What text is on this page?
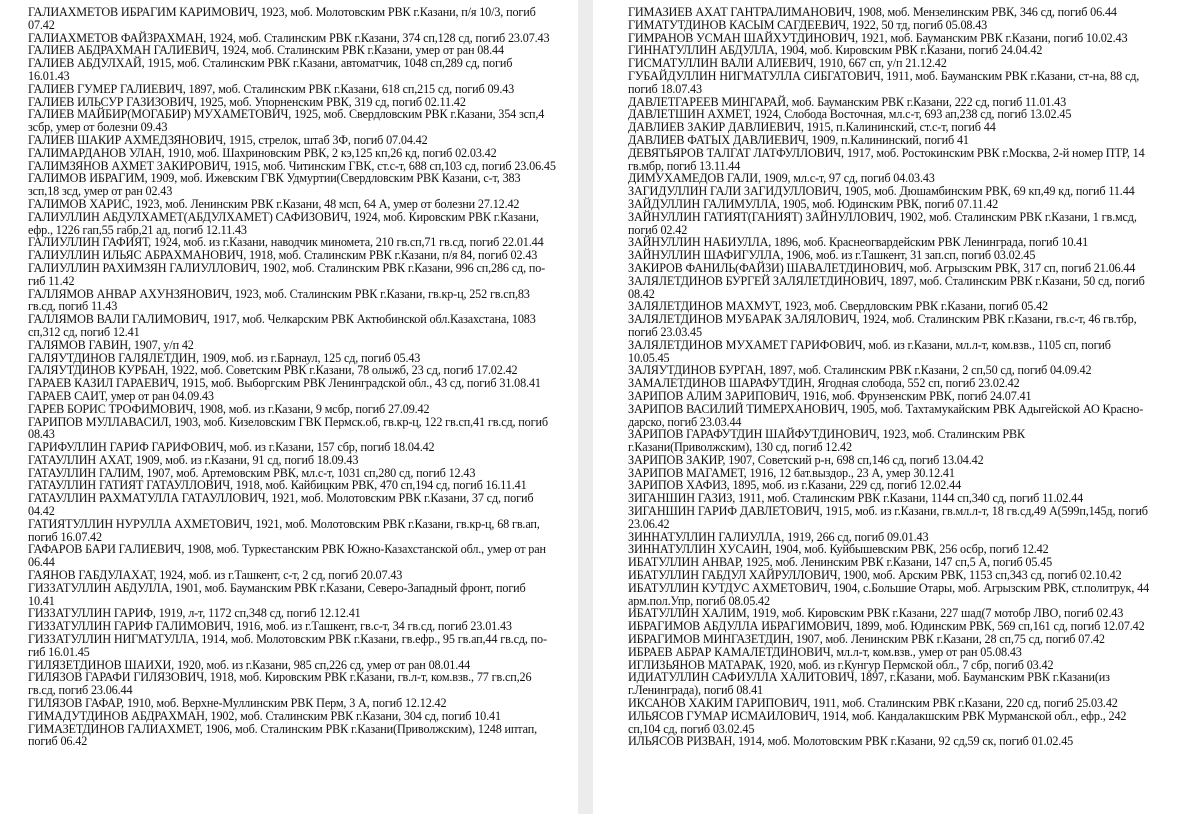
ГАЛИАХМЕТОВ ИБРАГИМ КАРИМОВИЧ, 1923, моб. Молотовским РВК г.Казани, п/я 10/3, погиб
07.42
ГАЛИАХМЕТОВ ФАЙЗРАХМАН, 1924, моб. Сталинским РВК г.Казани, 374 сп,128 сд, погиб 23.07.43
ГАЛИЕВ АБДРАХМАН ГАЛИЕВИЧ, 1924, моб. Сталинским РВК г.Казани, умер от ран 08.44
ГАЛИЕВ АБДУЛХАЙ, 1915, моб. Сталинским РВК г.Казани, автоматчик, 1048 сп,289 сд, погиб
16.01.43
ГАЛИЕВ ГУМЕР ГАЛИЕВИЧ, 1897, моб. Сталинским РВК г.Казани, 618 сп,215 сд, погиб 09.43
ГАЛИЕВ ИЛЬСУР ГАЗИЗОВИЧ, 1925, моб. Упорненским РВК, 319 сд, погиб 02.11.42
ГАЛИЕВ МАЙБИР(МОГАБИР) МУХАМЕТОВИЧ, 1925, моб. Свердловским РВК г.Казани, 354 зсп,4
зсбр, умер от болезни 09.43
ГАЛИЕВ ШАКИР АХМЕДЗЯНОВИЧ, 1915, стрелок, штаб 3Ф, погиб 07.04.42
ГАЛИМАРДАНОВ УЛАН, 1910, моб. Шахриновским РВК, 2 кэ,125 кп,26 кд, погиб 02.03.42
ГАЛИМЗЯНОВ АХМЕТ ЗАКИРОВИЧ, 1915, моб. Читинским ГВК, ст.с-т, 688 сп,103 сд, погиб 23.06.45
ГАЛИМОВ ИБРАГИМ, 1909, моб. Ижевским ГВК Удмуртии(Свердловским РВК Казани, с-т, 383
зсп,18 зсд, умер от ран 02.43
ГАЛИМОВ ХАРИС, 1923, моб. Ленинским РВК г.Казани, 48 мсп, 64 А, умер от болезни 27.12.42
ГАЛИУЛЛИН АБДУЛХАМЕТ(АБДУЛХАМЕТ) САФИЗОВИЧ, 1924, моб. Кировским РВК г.Казани,
ефр., 1226 гап,55 габр,21 ад, погиб 12.11.43
ГАЛИУЛЛИН ГАФИЯТ, 1924, моб. из г.Казани, наводчик миномета, 210 гв.сп,71 гв.сд, погиб 22.01.44
ГАЛИУЛЛИН ИЛЬЯС АБРАХМАНОВИЧ, 1918, моб. Сталинским РВК г.Казани, п/я 84, погиб 02.43
ГАЛИУЛЛИН РАХИМЗЯН ГАЛИУЛЛОВИЧ, 1902, моб. Сталинским РВК г.Казани, 996 сп,286 сд, по-
гиб 11.42
ГАЛЛЯМОВ АНВАР АХУНЗЯНОВИЧ, 1923, моб. Сталинским РВК г.Казани, гв.кр-ц, 252 гв.сп,83
гв.сд, погиб 11.43
ГАЛЛЯМОВ ВАЛИ ГАЛИМОВИЧ, 1917, моб. Челкарским РВК Актюбинской обл.Казахстана, 1083
сп,312 сд, погиб 12.41
ГАЛЯМОВ ГАВИН, 1907, у/п 42
ГАЛЯУТДИНОВ ГАЛЯЛЕТДИН, 1909, моб. из г.Барнаул, 125 сд, погиб 05.43
ГАЛЯУТДИНОВ КУРБАН, 1922, моб. Советским РВК г.Казани, 78 олыжб, 23 сд, погиб 17.02.42
ГАРАЕВ КАЗИЛ ГАРАЕВИЧ, 1915, моб. Выборгским РВК Ленинградской обл., 43 сд, погиб 31.08.41
ГАРАЕВ САИТ, умер от ран 04.09.43
ГАРЕВ БОРИС ТРОФИМОВИЧ, 1908, моб. из г.Казани, 9 мсбр, погиб 27.09.42
ГАРИПОВ МУЛЛАВАСИЛ, 1903, моб. Кизеловским ГВК Пермск.об, гв.кр-ц, 122 гв.сп,41 гв.сд, погиб
08.43
ГАРИФУЛЛИН ГАРИФ ГАРИФОВИЧ, моб. из г.Казани, 157 сбр, погиб 18.04.42
ГАТАУЛЛИН АХАТ, 1909, моб. из г.Казани, 91 сд, погиб 18.09.43
ГАТАУЛЛИН ГАЛИМ, 1907, моб. Артемовским РВК, мл.с-т, 1031 сп,280 сд, погиб 12.43
ГАТАУЛЛИН ГАТИЯТ ГАТАУЛЛОВИЧ, 1918, моб. Кайбицким РВК, 470 сп,194 сд, погиб 16.11.41
ГАТАУЛЛИН РАХМАТУЛЛА ГАТАУЛЛОВИЧ, 1921, моб. Молотовским РВК г.Казани, 37 сд, погиб
04.42
ГАТИЯТУЛЛИН НУРУЛЛА АХМЕТОВИЧ, 1921, моб. Молотовским РВК г.Казани, гв.кр-ц, 68 гв.ап,
погиб 16.07.42
ГАФАРОВ БАРИ ГАЛИЕВИЧ, 1908, моб. Туркестанским РВК Южно-Казахстанской обл., умер от ран
06.44
ГАЯНОВ ГАБДУЛАХАТ, 1924, моб. из г.Ташкент, с-т, 2 сд, погиб 20.07.43
ГИЗЗАТУЛЛИН АБДУЛЛА, 1901, моб. Бауманским РВК г.Казани, Северо-Западный фронт, погиб
10.41
ГИЗЗАТУЛЛИН ГАРИФ, 1919, л-т, 1172 сп,348 сд, погиб 12.12.41
ГИЗЗАТУЛЛИН ГАРИФ ГАЛИМОВИЧ, 1916, моб. из г.Ташкент, гв.с-т, 34 гв.сд, погиб 23.01.43
ГИЗЗАТУЛЛИН НИГМАТУЛЛА, 1914, моб. Молотовским РВК г.Казани, гв.ефр., 95 гв.ап,44 гв.сд, по-
гиб 16.01.45
ГИЛЯЗЕТДИНОВ ШАИХИ, 1920, моб. из г.Казани, 985 сп,226 сд, умер от ран 08.01.44
ГИЛЯЗОВ ГАРАФИ ГИЛЯЗОВИЧ, 1918, моб. Кировским РВК г.Казани, гв.л-т, ком.взв., 77 гв.сп,26
гв.сд, погиб 23.06.44
ГИЛЯЗОВ ГАФАР, 1910, моб. Верхне-Муллинским РВК Перм, 3 А, погиб 12.12.42
ГИМАДУТДИНОВ АБДРАХМАН, 1902, моб. Сталинским РВК г.Казани, 304 сд, погиб 10.41
ГИМАЗЕТДИНОВ ГАЛИАХМЕТ, 1906, моб. Сталинским РВК г.Казани(Приволжским), 1248 иптап,
погиб 06.42
ГИМАЗИЕВ АХАТ ГАНТРАЛИМАНОВИЧ, 1908, моб. Мензелинским РВК, 346 сд, погиб 06.44
ГИМАТУТДИНОВ КАСЫМ САГДЕЕВИЧ, 1922, 50 тд, погиб 05.08.43
ГИМРАНОВ УСМАН ШАЙХУТДИНОВИЧ, 1921, моб. Бауманским РВК г.Казани, погиб 10.02.43
ГИННАТУЛЛИН АБДУЛЛА, 1904, моб. Кировским РВК г.Казани, погиб 24.04.42
ГИСМАТУЛЛИН ВАЛИ АЛИЕВИЧ, 1910, 667 сп, у/п 21.12.42
ГУБАЙДУЛЛИН НИГМАТУЛЛА СИБГАТОВИЧ, 1911, моб. Бауманским РВК г.Казани, ст-на, 88 сд,
погиб 18.07.43
ДАВЛЕТГАРЕЕВ МИНГАРАЙ, моб. Бауманским РВК г.Казани, 222 сд, погиб 11.01.43
ДАВЛЕТШИН АХМЕТ, 1924, Слобода Восточная, мл.с-т, 693 ап,238 сд, погиб 13.02.45
ДАВЛИЕВ ЗАКИР ДАВЛИЕВИЧ, 1915, п.Калининский, ст.с-т, погиб 44
ДАВЛИЕВ ФАТЫХ ДАВЛИЕВИЧ, 1909, п.Калининский, погиб 41
ДЕВЯТЬЯРОВ ТАЛГАТ ЛАТФУЛЛОВИЧ, 1917, моб. Ростокинским РВК г.Москва, 2-й номер ПТР, 14
гв.мбр, погиб 13.11.44
ДИМУХАМЕДОВ ГАЛИ, 1909, мл.с-т, 97 сд, погиб 04.03.43
ЗАГИДУЛЛИН ГАЛИ ЗАГИДУЛЛОВИЧ, 1905, моб. Дюшамбинским РВК, 69 кп,49 кд, погиб 11.44
ЗАЙДУЛЛИН ГАЛИМУЛЛА, 1905, моб. Юдинским РВК, погиб 07.11.42
ЗАЙНУЛЛИН ГАТИЯТ(ГАНИЯТ) ЗАЙНУЛЛОВИЧ, 1902, моб. Сталинским РВК г.Казани, 1 гв.мсд,
погиб 02.42
ЗАЙНУЛЛИН НАБИУЛЛА, 1896, моб. Краснеогвардейским РВК Ленинграда, погиб 10.41
ЗАЙНУЛЛИН ШАФИГУЛЛА, 1906, моб. из г.Ташкент, 31 зап.сп, погиб 03.02.45
ЗАКИРОВ ФАНИЛЬ(ФАЙЗИ) ШАВАЛЕТДИНОВИЧ, моб. Агрызским РВК, 317 сп, погиб 21.06.44
ЗАЛЯЛЕТДИНОВ БУРГЕЙ ЗАЛЯЛЕТДИНОВИЧ, 1897, моб. Сталинским РВК г.Казани, 50 сд, погиб
08.42
ЗАЛЯЛЕТДИНОВ МАХМУТ, 1923, моб. Свердловским РВК г.Казани, погиб 05.42
ЗАЛЯЛЕТДИНОВ МУБАРАК ЗАЛЯЛОВИЧ, 1924, моб. Сталинским РВК г.Казани, гв.с-т, 46 гв.тбр,
погиб 23.03.45
ЗАЛЯЛЕТДИНОВ МУХАМЕТ ГАРИФОВИЧ, моб. из г.Казани, мл.л-т, ком.взв., 1105 сп, погиб
10.05.45
ЗАЛЯУТДИНОВ БУРГАН, 1897, моб. Сталинским РВК г.Казани, 2 сп,50 сд, погиб 04.09.42
ЗАМАЛЕТДИНОВ ШАРАФУТДИН, Ягодная слобода, 552 сп, погиб 23.02.42
ЗАРИПОВ АЛИМ ЗАРИПОВИЧ, 1916, моб. Фрунзенским РВК, погиб 24.07.41
ЗАРИПОВ ВАСИЛИЙ ТИМЕРХАНОВИЧ, 1905, моб. Тахтамукайским РВК Адыгейской АО Красно-
дарско, погиб 23.03.44
ЗАРИПОВ ГАРАФУТДИН ШАЙФУТДИНОВИЧ, 1923, моб. Сталинским РВК
г.Казани(Приволжским), 130 сд, погиб 12.42
ЗАРИПОВ ЗАКИР, 1907, Советский р-н, 698 сп,146 сд, погиб 13.04.42
ЗАРИПОВ МАГАМЕТ, 1916, 12 бат.выздор., 23 А, умер 30.12.41
ЗАРИПОВ ХАФИЗ, 1895, моб. из г.Казани, 229 сд, погиб 12.02.44
ЗИГАНШИН ГАЗИЗ, 1911, моб. Сталинским РВК г.Казани, 1144 сп,340 сд, погиб 11.02.44
ЗИГАНШИН ГАРИФ ДАВЛЕТОВИЧ, 1915, моб. из г.Казани, гв.мл.л-т, 18 гв.сд,49 А(599п,145д, погиб
23.06.42
ЗИННАТУЛЛИН ГАЛИУЛЛА, 1919, 266 сд, погиб 09.01.43
ЗИННАТУЛЛИН ХУСАИН, 1904, моб. Куйбышевским РВК, 256 осбр, погиб 12.42
ИБАТУЛЛИН АНВАР, 1925, моб. Ленинским РВК г.Казани, 147 сп,5 А, погиб 05.45
ИБАТУЛЛИН ГАБДУЛ ХАЙРУЛЛОВИЧ, 1900, моб. Арским РВК, 1153 сп,343 сд, погиб 02.10.42
ИБАТУЛЛИН КУТДУС АХМЕТОВИЧ, 1904, с.Большие Отары, моб. Агрызским РВК, ст.политрук, 44
арм.пол.Упр, погиб 08.05.42
ИБАТУЛЛИН ХАЛИМ, 1919, моб. Кировским РВК г.Казани, 227 шад(7 мотобр ЛВО, погиб 02.43
ИБРАГИМОВ АБДУЛЛА ИБРАГИМОВИЧ, 1899, моб. Юдинским РВК, 569 сп,161 сд, погиб 12.07.42
ИБРАГИМОВ МИНГАЗЕТДИН, 1907, моб. Ленинским РВК г.Казани, 28 сп,75 сд, погиб 07.42
ИБРАЕВ АБРАР КАМАЛЕТДИНОВИЧ, мл.л-т, ком.взв., умер от ран 05.08.43
ИГЛИЗЬЯНОВ МАТАРАК, 1920, моб. из г.Кунгур Пермской обл., 7 сбр, погиб 03.42
ИДИАТУЛЛИН САФИУЛЛА ХАЛИТОВИЧ, 1897, г.Казани, моб. Бауманским РВК г.Казани(из
г.Ленинграда), погиб 08.41
ИКСАНОВ ХАКИМ ГАРИПОВИЧ, 1911, моб. Сталинским РВК г.Казани, 220 сд, погиб 25.03.42
ИЛЬЯСОВ ГУМАР ИСМАИЛОВИЧ, 1914, моб. Кандалакшским РВК Мурманской обл., ефр., 242
сп,104 сд, погиб 03.02.45
ИЛЬЯСОВ РИЗВАН, 1914, моб. Молотовским РВК г.Казани, 92 сд,59 ск, погиб 01.02.45
